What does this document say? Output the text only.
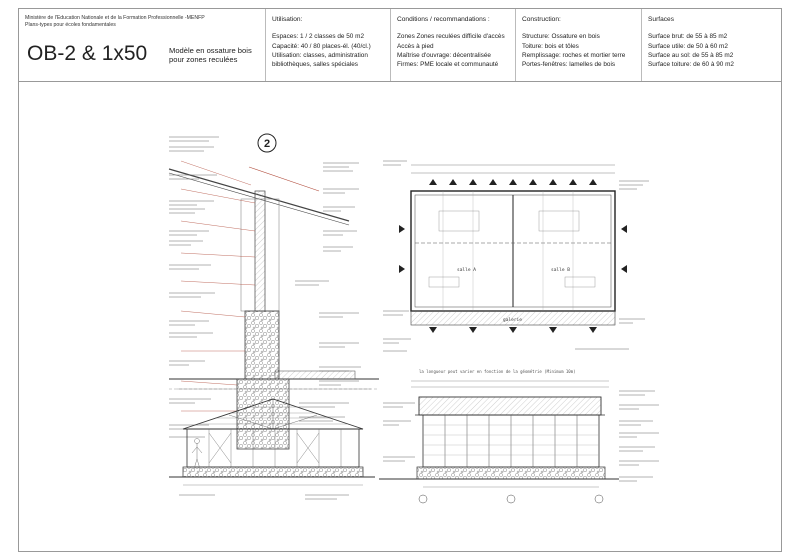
Ministère de l'Education Nationale et de la Formation Professionnelle -MENFP
Plans-types pour écoles fondamentales
OB-2 & 1x50	Modèle en ossature bois pour zones reculées
Utilisation:
Espaces: 1 / 2 classes de 50 m2
Capacité: 40 / 80 places-él. (40/cl.)
Utilisation: classes, administration
bibliothèques, salles spéciales
Conditions / recommandations :
Zones Zones reculées difficile d'accès
Accès à pied
Maîtrise d'ouvrage: décentralisée
Firmes: PME locale et communauté
Construction:
Structure: Ossature en bois
Toiture: bois et tôles
Remplissage: roches et mortier terre
Portes-fenêtres: lamelles de bois
Surfaces
Surface brut: de 55 à 85 m2
Surface utile: de 50 à 60 m2
Surface au sol: de 55 à 85 m2
Surface toiture: de 60 à 90 m2
2
salle A	salle B
galerie
la longueur peut varier en fonction de la géométrie (Minimum 10m)
